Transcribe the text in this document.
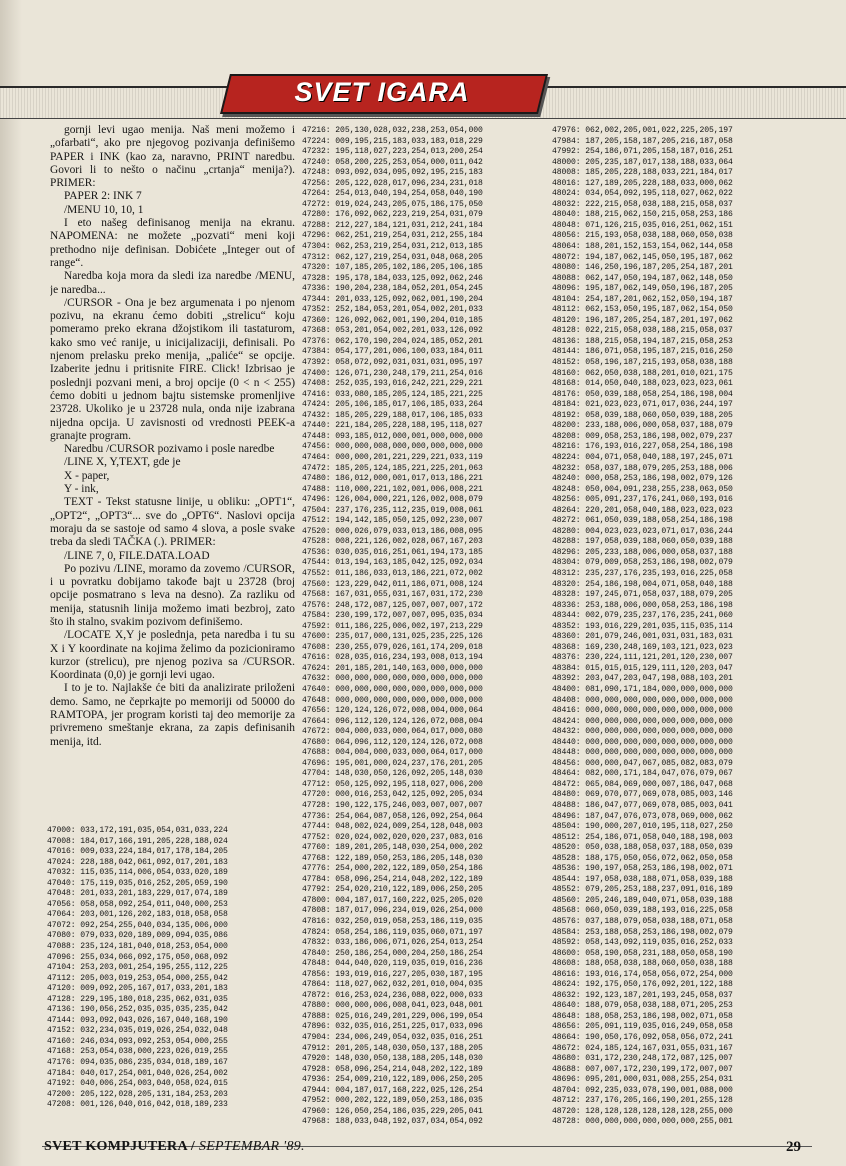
SVET IGARA

gornji levi ugao menija. Naš meni možemo i „ofarbati“, ako pre njegovog pozivanja definišemo PAPER i INK (kao za, naravno, PRINT naredbu. Govori li to nešto o načinu „crtanja“ menija?). PRIMER:

PAPER 2: INK 7

/MENU 10, 10, 1

I eto našeg definisanog menija na ekranu. NAPOMENA: ne možete „pozvati“ meni koji prethodno nije definisan. Dobićete „Integer out of range“.

Naredba koja mora da sledi iza naredbe /MENU, je naredba...

/CURSOR - Ona je bez argumenata i po njenom pozivu, na ekranu ćemo dobiti „strelicu“ koju pomeramo preko ekrana džojstikom ili tastaturom, kako smo već ranije, u inicijalizaciji, definisali. Po njenom prelasku preko menija, „paliće“ se opcije. Izaberite jednu i pritisnite FIRE. Click! Izbrisao je poslednji pozvani meni, a broj opcije (0 < n < 255) ćemo dobiti u jednom bajtu sistemske promenljive 23728. Ukoliko je u 23728 nula, onda nije izabrana nijedna opcija. U zavisnosti od vrednosti PEEK-a granajte program.

Naredbu /CURSOR pozivamo i posle naredbe

/LINE X, Y,TEXT, gde je

X - paper,

Y - ink,

TEXT - Tekst statusne linije, u obliku: „OPT1“, „OPT2“, „OPT3“... sve do „OPT6“. Naslovi opcija moraju da se sastoje od samo 4 slova, a posle svake treba da sledi TAČKA (.). PRIMER:

/LINE 7, 0, FILE.DATA.LOAD

Po pozivu /LINE, moramo da zovemo /CURSOR, i u povratku dobijamo takođe bajt u 23728 (broj opcije posmatrano s leva na desno). Za razliku od menija, statusnih linija možemo imati bezbroj, zato što ih stalno, svakim pozivom definišemo.

/LOCATE X,Y je poslednja, peta naredba i tu su X i Y koordinate na kojima želimo da pozicioniramo kurzor (strelicu), pre njenog poziva sa /CURSOR. Koordinata (0,0) je gornji levi ugao.

I to je to. Najlakše će biti da analizirate priloženi demo. Samo, ne čeprkajte po memoriji od 50000 do RAMTOPA, jer program koristi taj deo memorije za privremeno smeštanje ekrana, za zapis definisanih menija, itd.

47000: 033,172,191,035,054,031,033,224
47008: 184,017,166,191,205,228,188,024
47016: 009,033,224,184,017,178,184,205
47024: 228,188,042,061,092,017,201,183
47032: 115,035,114,006,054,033,020,189
47040: 175,119,035,016,252,205,059,190
47048: 201,033,201,183,229,017,074,189
47056: 058,058,092,254,011,040,000,253
47064: 203,001,126,202,183,018,058,058
47072: 092,254,255,040,034,135,006,000
47080: 079,033,020,189,009,094,035,086
47088: 235,124,181,040,018,253,054,000
47096: 255,034,066,092,175,050,068,092
47104: 253,203,001,254,195,255,112,225
47112: 205,003,019,253,054,000,255,042
47120: 009,092,205,167,017,033,201,183
47128: 229,195,180,018,235,062,031,035
47136: 190,056,252,035,035,035,235,042
47144: 093,092,043,026,167,040,168,190
47152: 032,234,035,019,026,254,032,048
47160: 246,034,093,092,253,054,000,255
47168: 253,054,038,000,223,026,019,255
47176: 094,035,086,235,034,018,189,167
47184: 040,017,254,001,040,026,254,002
47192: 040,006,254,003,040,058,024,015
47200: 205,122,028,205,131,184,253,203
47208: 001,126,040,016,042,018,189,233
47216: 205,130,028,032,238,253,054,000
47224: 009,195,215,183,033,183,018,229
47232: 195,118,027,223,254,013,200,254
47240: 058,200,225,253,054,000,011,042
47248: 093,092,034,095,092,195,215,183
47256: 205,122,028,017,096,234,231,018
47264: 254,013,040,194,254,058,040,190
47272: 019,024,243,205,075,186,175,050
47280: 176,092,062,223,219,254,031,079
47288: 212,227,184,121,031,212,241,184
47296: 062,251,219,254,031,212,255,184
47304: 062,253,219,254,031,212,013,185
47312: 062,127,219,254,031,048,068,205
47320: 107,185,205,102,186,205,106,185
47328: 195,178,184,033,125,092,062,246
47336: 190,204,238,184,052,201,054,245
47344: 201,033,125,092,062,001,190,204
47352: 252,184,053,201,054,002,201,033
47360: 126,092,062,001,190,204,010,185
47368: 053,201,054,002,201,033,126,092
47376: 062,170,190,204,024,185,052,201
47384: 054,177,201,006,100,033,184,011
47392: 058,072,092,031,031,031,095,197
47400: 126,071,230,248,179,211,254,016
47408: 252,035,193,016,242,221,229,221
47416: 033,080,185,205,124,185,221,225
47424: 205,106,185,017,106,185,033,264
47432: 185,205,229,188,017,106,185,033
47440: 221,184,205,228,188,195,118,027
47448: 093,185,012,000,001,000,000,000
47456: 000,000,008,000,000,000,000,000
47464: 000,000,201,221,229,221,033,119
47472: 185,205,124,185,221,225,201,063
47480: 186,012,000,001,017,013,186,221
47488: 110,000,221,102,001,006,008,221
47496: 126,004,000,221,126,002,008,079
47504: 237,176,235,112,235,019,008,061
47512: 194,142,185,050,125,092,230,007
47520: 000,026,079,033,013,186,008,095
47528: 008,221,126,002,028,067,167,203
47536: 030,035,016,251,061,194,173,185
47544: 013,194,163,185,042,125,092,034
47552: 011,186,033,013,186,221,072,002
47560: 123,229,042,011,186,071,008,124
47568: 167,031,055,031,167,031,172,230
47576: 248,172,087,125,007,007,007,172
47584: 230,199,172,007,007,095,035,034
47592: 011,186,225,006,002,197,213,229
47600: 235,017,000,131,025,235,225,126
47608: 230,255,079,026,161,174,209,018
47616: 028,035,016,234,193,008,013,194
47624: 201,185,201,140,163,000,000,000
47632: 000,000,000,000,000,000,000,000
47640: 000,000,000,000,000,000,000,000
47648: 000,000,000,000,000,000,000,000
47656: 120,124,126,072,008,004,000,064
47664: 096,112,120,124,126,072,008,004
47672: 004,000,033,000,064,017,000,080
47680: 064,096,112,120,124,126,072,008
47688: 004,004,000,033,000,064,017,000
47696: 195,001,000,024,237,176,201,205
47704: 148,030,050,126,092,205,148,030
47712: 050,125,092,195,118,027,006,200
47720: 000,016,253,042,125,092,205,034
47728: 190,122,175,246,003,007,007,007
47736: 254,064,087,058,126,092,254,064
47744: 048,002,024,009,254,128,048,003
47752: 020,024,002,020,020,237,083,016
47760: 189,201,205,148,030,254,000,202
47768: 122,189,050,253,186,205,148,030
47776: 254,000,202,122,189,050,254,186
47784: 058,096,254,214,048,202,122,189
47792: 254,020,210,122,189,006,250,205
47800: 004,187,017,160,222,025,205,020
47808: 187,017,096,234,019,026,254,000
47816: 032,250,019,058,253,186,119,035
47824: 058,254,186,119,035,060,071,197
47832: 033,186,006,071,026,254,013,254
47840: 250,186,254,000,204,250,186,254
47848: 044,040,020,119,035,019,016,236
47856: 193,019,016,227,205,030,187,195
47864: 118,027,062,032,201,010,004,035
47872: 016,253,024,236,088,022,000,033
47880: 000,000,006,008,041,023,048,001
47888: 025,016,249,201,229,006,199,054
47896: 032,035,016,251,225,017,033,096
47904: 234,006,249,054,032,035,016,251
47912: 201,205,148,030,050,137,188,205
47920: 148,030,050,138,188,205,148,030
47928: 058,096,254,214,048,202,122,189
47936: 254,009,210,122,189,006,250,205
47944: 004,187,017,168,222,025,126,254
47952: 000,202,122,189,050,253,186,035
47960: 126,050,254,186,035,229,205,041
47968: 188,033,048,192,037,034,054,092
47976: 062,002,205,001,022,225,205,197
47984: 187,205,158,187,205,216,187,058
47992: 254,186,071,205,158,187,016,251
48000: 205,235,187,017,138,188,033,064
48008: 185,205,228,188,033,221,184,017
48016: 127,189,205,228,188,033,000,062
48024: 034,054,092,195,118,027,062,022
48032: 222,215,058,038,188,215,058,037
48040: 188,215,062,150,215,058,253,186
48048: 071,126,215,035,016,251,062,151
48056: 215,193,058,038,188,060,050,038
48064: 188,201,152,153,154,062,144,058
48072: 194,187,062,145,050,195,187,062
48080: 146,250,196,187,205,254,187,201
48088: 062,147,050,194,187,062,148,050
48096: 195,187,062,149,050,196,187,205
48104: 254,187,201,062,152,050,194,187
48112: 062,153,050,195,187,062,154,050
48120: 196,187,205,254,187,201,197,062
48128: 022,215,058,038,188,215,058,037
48136: 188,215,058,194,187,215,058,253
48144: 186,071,058,195,187,215,016,250
48152: 058,196,187,215,193,058,038,188
48160: 062,050,038,188,201,010,021,175
48168: 014,050,040,188,023,023,023,061
48176: 050,039,188,058,254,186,198,004
48184: 021,023,023,071,017,036,244,197
48192: 058,039,188,060,050,039,188,205
48200: 233,188,006,000,058,037,188,079
48208: 009,058,253,186,198,002,079,237
48216: 176,193,016,227,058,254,186,198
48224: 004,071,058,040,188,197,245,071
48232: 058,037,188,079,205,253,188,006
48240: 000,058,253,186,198,002,079,126
48248: 050,004,091,238,255,238,063,050
48256: 005,091,237,176,241,060,193,016
48264: 220,201,058,040,188,023,023,023
48272: 061,050,039,188,058,254,186,198
48280: 004,023,023,023,071,017,036,244
48288: 197,058,039,188,060,050,039,188
48296: 205,233,188,006,000,058,037,188
48304: 079,009,058,253,186,198,002,079
48312: 235,237,176,235,193,016,225,058
48320: 254,186,198,004,071,058,040,188
48328: 197,245,071,058,037,188,079,205
48336: 253,188,006,000,058,253,186,198
48344: 002,079,235,237,176,235,241,060
48352: 193,016,229,201,035,115,035,114
48360: 201,079,246,001,031,031,183,031
48368: 169,230,248,169,103,121,023,023
48376: 230,224,111,121,201,120,230,007
48384: 015,015,015,129,111,120,203,047
48392: 203,047,203,047,198,088,103,201
48400: 081,090,171,184,000,000,000,000
48408: 000,000,000,000,000,000,000,000
48416: 000,000,000,000,000,000,000,000
48424: 000,000,000,000,000,000,000,000
48432: 000,000,000,000,000,000,000,000
48440: 000,000,000,000,000,000,000,000
48448: 000,000,000,000,000,000,000,000
48456: 000,000,047,067,085,082,083,079
48464: 082,000,171,184,047,076,079,067
48472: 065,084,069,000,007,186,047,068
48480: 069,070,077,069,078,085,003,146
48488: 186,047,077,069,078,085,003,041
48496: 187,047,076,073,078,069,000,062
48504: 190,000,207,010,195,118,027,250
48512: 254,186,071,058,040,188,198,003
48520: 050,038,188,058,037,188,050,039
48528: 188,175,050,056,072,062,050,058
48536: 190,197,058,253,186,198,002,071
48544: 197,058,038,188,071,058,039,188
48552: 079,205,253,188,237,091,016,189
48560: 205,246,189,040,071,058,039,188
48568: 060,050,039,188,193,016,225,058
48576: 037,188,079,058,038,188,071,058
48584: 253,188,058,253,186,198,002,079
48592: 058,143,092,119,035,016,252,033
48600: 058,190,058,231,188,050,058,190
48608: 188,058,038,188,060,050,038,188
48616: 193,016,174,058,056,072,254,000
48624: 192,175,050,176,092,201,122,188
48632: 192,123,187,201,193,245,058,037
48640: 188,079,058,038,188,071,205,253
48648: 188,058,253,186,198,002,071,058
48656: 205,091,119,035,016,249,058,058
48664: 190,050,176,092,058,056,072,241
48672: 024,185,124,167,031,055,031,167
48680: 031,172,230,248,172,087,125,007
48688: 007,007,172,230,199,172,007,007
48696: 095,201,000,031,008,255,254,031
48704: 092,235,033,078,190,001,088,000
48712: 237,176,205,166,190,201,255,128
48720: 128,128,128,128,128,128,255,000
48728: 000,000,000,000,000,000,255,001
SVET KOMPJUTERA / SEPTEMBAR '89.	29
